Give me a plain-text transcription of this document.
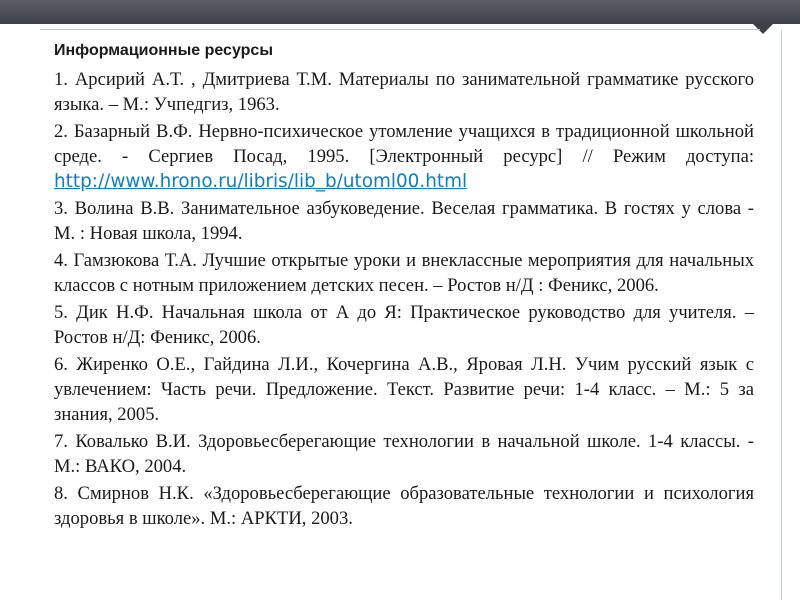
Информационные ресурсы
1. Арсирий А.Т. , Дмитриева Т.М. Материалы по занимательной грамматике русского языка. – М.: Учпедгиз, 1963.
2. Базарный В.Ф. Нервно-психическое утомление учащихся в традиционной школьной среде. - Сергиев Посад, 1995. [Электронный ресурс] // Режим доступа:
http://www.hrono.ru/libris/lib_b/utoml00.html
3. Волина В.В. Занимательное азбуковедение. Веселая грамматика. В гостях у слова - М. : Новая школа, 1994.
4. Гамзюкова Т.А. Лучшие открытые уроки и внеклассные мероприятия для начальных классов с нотным приложением детских песен. – Ростов н/Д : Феникс, 2006.
5. Дик Н.Ф. Начальная школа от А до Я: Практическое руководство для учителя. – Ростов н/Д: Феникс, 2006.
6. Жиренко О.Е., Гайдина Л.И., Кочергина А.В., Яровая Л.Н. Учим русский язык с увлечением: Часть речи. Предложение. Текст. Развитие речи: 1-4 класс. – М.: 5 за знания, 2005.
7. Ковалько В.И. Здоровьесберегающие технологии в начальной школе. 1-4 классы. - М.: ВАКО, 2004.
8. Смирнов Н.К. «Здоровьесберегающие образовательные технологии и психология здоровья в школе». М.: АРКТИ, 2003.
